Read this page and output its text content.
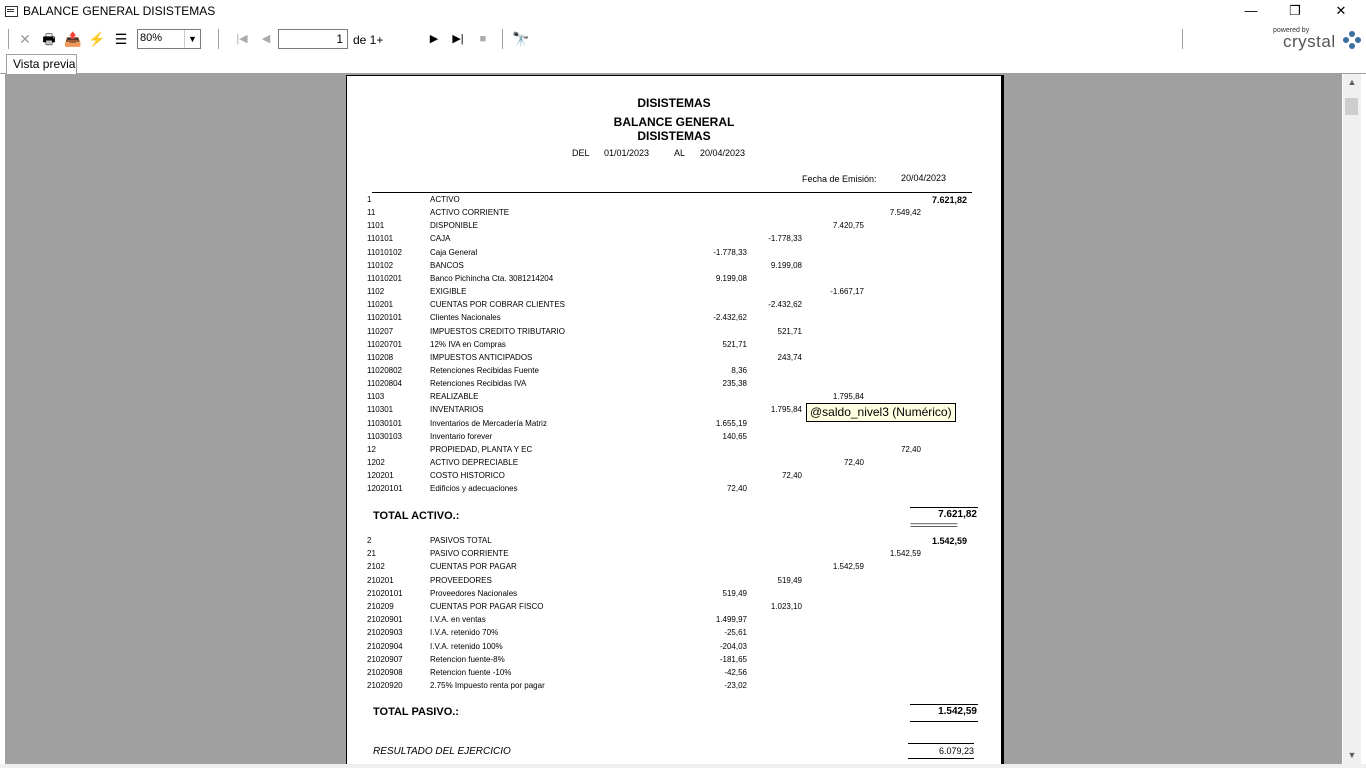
BALANCE GENERAL DISISTEMAS	—	❐	✕
✕ 🖶 📤 ⚡ ☰ 80%	▼	|◀	◀	1 de 1+	▶	▶|	■	🔭
powered by
crystal
Vista previa
DISISTEMAS
BALANCE GENERAL
DISISTEMAS
DEL 01/01/2023	AL 20/04/2023
Fecha de Emisión:	20/04/2023
1	ACTIVO	7.621,82
11	ACTIVO CORRIENTE	7.549,42
1101	DISPONIBLE	7.420,75
110101	CAJA	-1.778,33
11010102	Caja General	-1.778,33
110102	BANCOS	9.199,08
11010201	Banco Pichincha Cta. 3081214204	9.199,08
1102	EXIGIBLE	-1.667,17
110201	CUENTAS POR COBRAR CLIENTES	-2.432,62
11020101	Clientes Nacionales	-2.432,62
110207	IMPUESTOS CREDITO TRIBUTARIO	521,71
11020701	12% IVA en Compras	521,71
110208	IMPUESTOS ANTICIPADOS	243,74
11020802	Retenciones Recibidas Fuente	8,36
11020804	Retenciones Recibidas IVA	235,38
1103	REALIZABLE	1.795,84
110301	INVENTARIOS	1.795,84
11030101	Inventarios de Mercadería Matriz	1.655,19
11030103	Inventario forever	140,65
12	PROPIEDAD, PLANTA Y EC	72,40
1202	ACTIVO DEPRECIABLE	72,40
120201	COSTO HISTORICO	72,40
12020101	Edificios y adecuaciones	72,40
TOTAL ACTIVO.:	7.621,82
===========
2	PASIVOS TOTAL	1.542,59
21	PASIVO CORRIENTE	1.542,59
2102	CUENTAS POR PAGAR	1.542,59
210201	PROVEEDORES	519,49
21020101	Proveedores Nacionales	519,49
210209	CUENTAS POR PAGAR FISCO	1.023,10
21020901	I.V.A. en ventas	1.499,97
21020903	I.V.A. retenido 70%	-25,61
21020904	I.V.A. retenido 100%	-204,03
21020907	Retencion fuente-8%	-181,65
21020908	Retencion fuente -10%	-42,56
21020920	2.75% Impuesto renta por pagar	-23,02
TOTAL PASIVO.:	1.542,59
RESULTADO DEL EJERCICIO	6.079,23
@saldo_nivel3 (Numérico)
▲
▼
